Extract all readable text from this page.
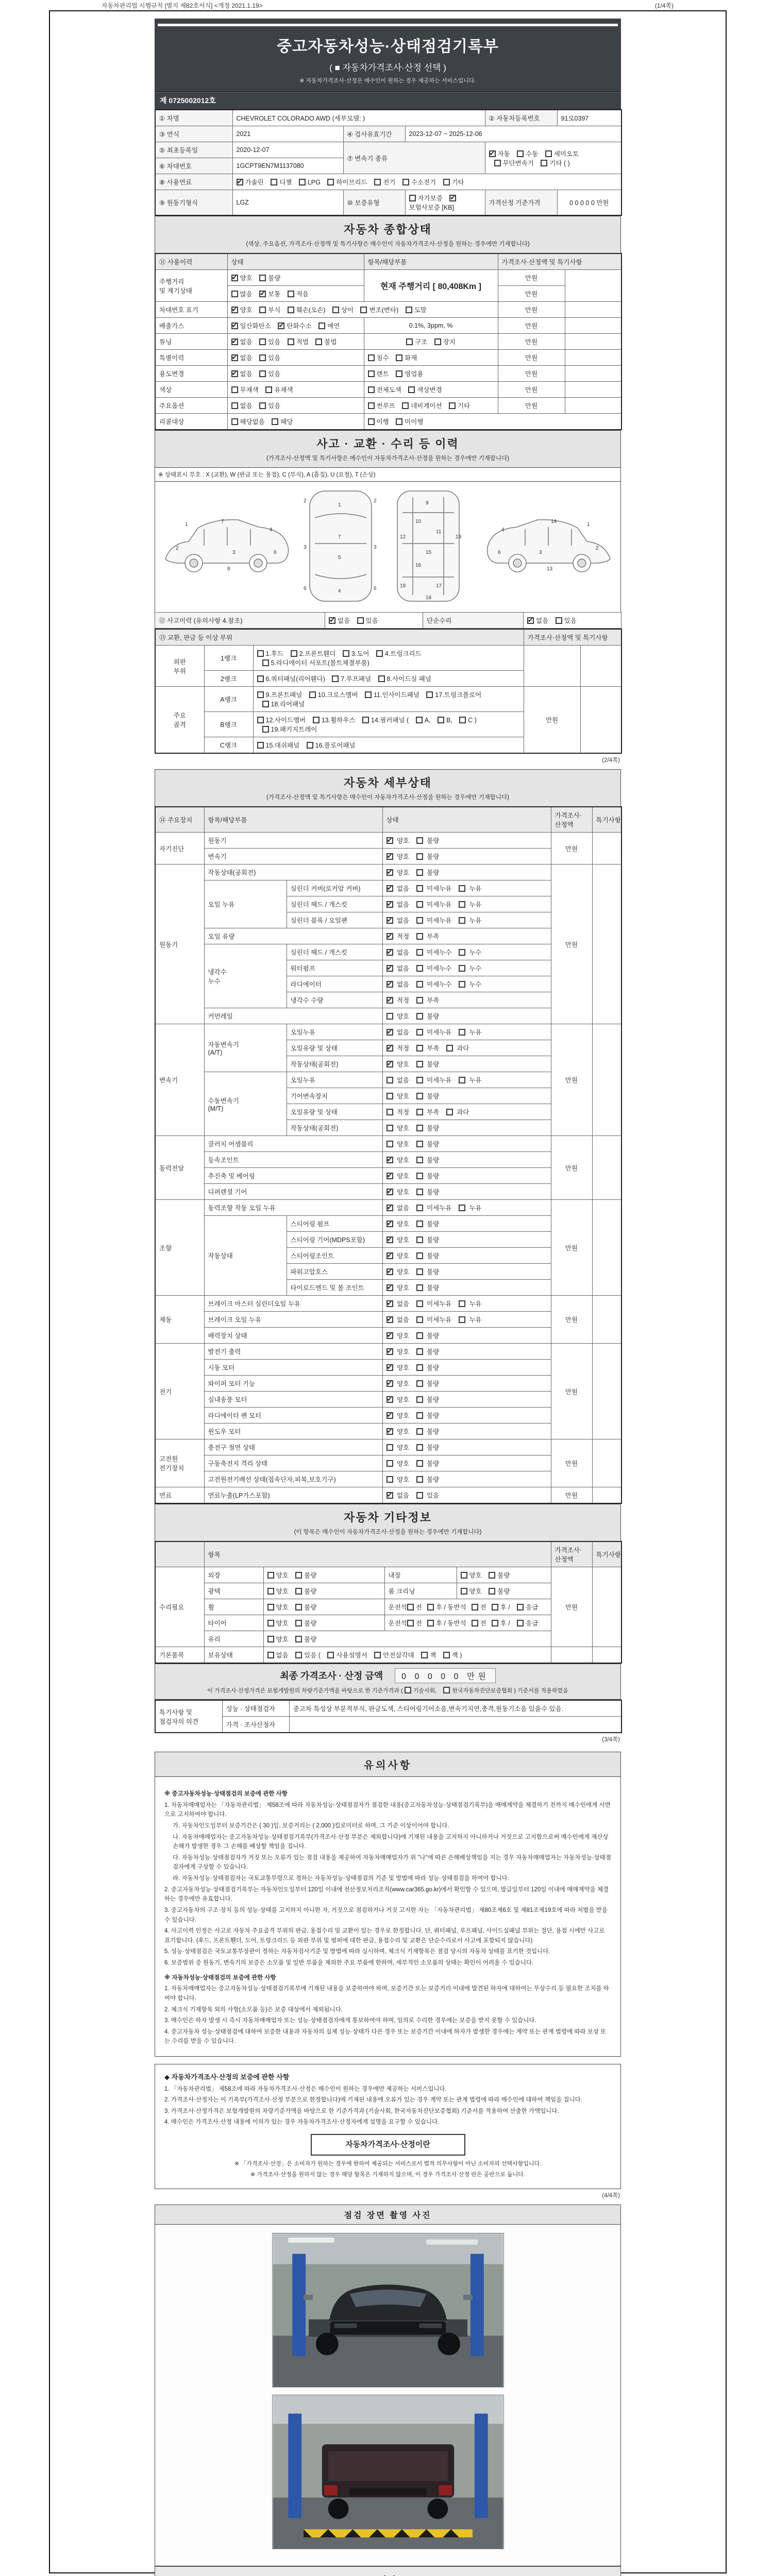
자동차관리법 시행규칙 [별지 제82호서식] <개정 2021.1.19>	(1/4쪽)
중고자동차성능·상태점검기록부
( ■ 자동차가격조사·산정 선택 )
※ 자동차가격조사·산정은 매수인이 원하는 경우 제공하는 서비스입니다.
제 0725002012호
① 차명	CHEVROLET COLORADO AWD (세부모델: )			② 자동차등록번호	91모0397
③ 연식	2021	④ 검사유효기간	2023-12-07 ~ 2025-12-06		
⑤ 최초등록일	2020-12-07	⑦ 변속기 종류	✔자동 수동 세미오토
무단변속기 기타 ( )
⑥ 차대번호	1GCPT9EN7M1137080				
⑧ 사용연료	✔가솔린 디젤 LPG 하이브리드 전기 수소전기 기타
⑨ 원동기형식	LGZ	⑩ 보증유형	자가보증 ✔보험사보증 [KB]	가격산정 기준가격	0 0 0 0 0 만원
자동차 종합상태
(색상, 주요옵션, 가격조사·산정액 및 특기사항은 매수인이 자동차가격조사·산정을 원하는 경우에만 기재합니다)
⑪ 사용이력	상태	항목/해당부품	가격조사·산정액 및 특기사항	
주행거리
및 계기상태	✔양호 불량	현재 주행거리 [ 80,408Km ]	만원	
	많음 ✔보통 적음		만원	
차대번호 표기	✔양호 부식 훼손(오손) 상이 변조(변타) 도말		만원	
배출가스	✔일산화탄소 ✔탄화수소 매연	0.1%, 3ppm, %	만원	
튜닝	✔없음 있음 적법 불법	구조 장치	만원	
특별이력	✔없음 있음	침수 화재	만원	
용도변경	✔없음 있음	렌트 영업용	만원	
색상	무채색 유채색	전체도색 색상변경	만원	
주요옵션	없음 있음	썬루프 네비게이션 기타	만원	
리콜대상	해당없음 해당	이행 미이행		
사고 · 교환 · 수리 등 이력
(가격조사·산정액 및 특기사항은 매수인이 자동차가격조사·산정을 원하는 경우에만 기재합니다)
※ 상태표시 부호 : X (교환), W (판금 또는 용접), C (부식), A (흠집), U (요철), T (손상)
1
7
4
2
3	6
8
1
7
4
2	2
3	3
6	6
5
9
10
11
12	13
15
16
17
18
19
1
14
4
2
3
6
13
⑫ 사고이력 (유의사항 4.참조)	✔없음 있음	단순수리	✔없음 있음
⑬ 교환, 판금 등 이상 부위			가격조사·산정액 및 특기사항	
외판
부위	1랭크	1.후드 2.프론트휀더 3.도어 4.트렁크리드
5.라디에이터 서포트(볼트체결부품)		
	2랭크	6.쿼터패널(리어휀다) 7.루프패널 8.사이드실 패널		
주요
골격	A랭크	9.프론트패널 10.크로스멤버 11.인사이드패널 17.트렁크플로어
18.리어패널	만원	
	B랭크	12.사이드멤버 13.휠하우스 14.필러패널 ( A, B, C )
19.패키지트레이		
	C랭크	15.대쉬패널 16.플로어패널		
(2/4쪽)
자동차 세부상태
(가격조사·산정액 및 특기사항은 매수인이 자동차가격조사·산정을 원하는 경우에만 기재합니다)
⑭ 주요장치	항목/해당부품		상태	가격조사·산정액	특기사항
자기진단	원동기	✔ 양호  불량	만원	
	변속기	✔ 양호  불량
원동기	작동상태(공회전)	✔ 양호  불량	만원	
	오일 누유	실린더 커버(로커암 커버)	✔ 없음  미세누유  누유
		실린더 헤드 / 개스킷	✔ 없음  미세누유  누유
		실린더 블록 / 오일팬	✔ 없음  미세누유  누유
	오일 유량	✔ 적정  부족
	냉각수
누수	실린더 헤드 / 개스킷	✔ 없음  미세누수  누수
		워터펌프	✔ 없음  미세누수  누수
		라디에이터	✔ 없음  미세누수  누수
		냉각수 수량	✔ 적정  부족
	커먼레일		양호  불량		
변속기	자동변속기
(A/T)	오일누유	✔ 없음  미세누유  누유	만원	
		오일유량 및 상태	✔ 적정  부족  과다
		작동상태(공회전)	✔ 양호  불량
	수동변속기
(M/T)	오일누유	없음  미세누유  누유		
		기어변속장치	양호  불량		
		오일유량 및 상태	적정  부족  과다		
		작동상태(공회전)	양호  불량		
동력전달	클러치 어셈블리		양호  불량	만원	
	등속조인트	✔ 양호  불량
	추진축 및 베어링	✔ 양호  불량
	디퍼렌셜 기어	✔ 양호  불량
조향	동력조향 작동 오일 누유	✔ 없음  미세누유  누유	만원	
	작동상태	스티어링 펌프	✔ 양호  불량
		스티어링 기어(MDPS포함)	✔ 양호  불량
		스티어링조인트	✔ 양호  불량
		파워고압호스	✔ 양호  불량
		타이로드엔드 및 볼 조인트	✔ 양호  불량
제동	브레이크 마스터 실린더오일 누유	✔ 없음  미세누유  누유	만원	
	브레이크 오일 누유	✔ 없음  미세누유  누유
	배력장치 상태	✔ 양호  불량
전기	발전기 출력	✔ 양호  불량	만원	
	시동 모터	✔ 양호  불량
	와이퍼 모터 기능	✔ 양호  불량
	실내송풍 모터	✔ 양호  불량
	라디에이터 팬 모터	✔ 양호  불량
	윈도우 모터	✔ 양호  불량
고전원
전기장치	충전구 절연 상태		양호  불량	만원	
	구동축전지 격리 상태		양호  불량		
	고전원전기배선 상태(접속단자,피복,보호기구)		양호  불량		
연료	연료누출(LP가스포함)	✔ 없음  있음	만원	
자동차 기타정보
(이 항목은 매수인이 자동차가격조사·산정을 원하는 경우에만 기재합니다)
	항목				가격조사·산정액	특기사항
수리필요	외장	양호 불량	내장	양호 불량	만원	
	광택	양호 불량	룸 크리닝	양호 불량		
	휠	양호 불량	운전석 전 후 / 동반석 전 후 / 응급			
	타이어	양호 불량	운전석 전 후 / 동반석 전 후 / 응급			
	유리	양호 불량				
기본품목	보유상태	없음 있음 ( 사용설명서 안전삼각대 잭 잭 )				
최종 가격조사 · 산정 금액 0 0 0 0 0 만원
이 가격조사·산정가격은 보험개발원의 차량기준가액을 바탕으로 한 기준가격과 ( 기술사회, 한국자동차진단보증협회 ) 기준서를 적용하였음
특기사항 및
점검자의 의견	성능 · 상태점검자	중고차 특성상 부분적부식, 판금도색, 스티어링기어소음,변속기지연,충격,원동기소음 있을수 있음.
	가격 · 조사산정자	
(3/4쪽)
유의사항

※ 중고자동차성능·상태점검의 보증에 관한 사항

1. 자동차매매업자는 「자동차관리법」 제58조에 따라 자동차성능·상태점검자가 점검한 내용(중고자동차성능·상태점검기록부)을 매매계약을 체결하기 전까지 매수인에게 서면으로 고지하여야 합니다.

가. 자동차인도일부터 보증기간은 ( 30 )일, 보증거리는 ( 2,000 )킬로미터로 하며, 그 기준 이상이어야 합니다.

나. 자동차매매업자는 중고자동차성능·상태점검기록부(가격조사·산정 부분은 제외합니다)에 기재된 내용을 고지하지 아니하거나 거짓으로 고지함으로써 매수인에게 재산상 손해가 발생한 경우 그 손해를 배상할 책임을 집니다.

다. 자동차성능·상태점검자가 거짓 또는 오류가 있는 점검 내용을 제공하여 자동차매매업자가 위 "나"에 따른 손해배상책임을 지는 경우 자동차매매업자는 자동차성능·상태점검자에게 구상할 수 있습니다.

라. 자동차성능·상태점검자는 국토교통부령으로 정하는 자동차성능·상태점검의 기준 및 방법에 따라 성능·상태점검을 하여야 합니다.

2. 중고자동차성능·상태점검기록부는 자동차인도일부터 120일 이내에 전산정보처리조직(www.car365.go.kr)에서 확인할 수 있으며, 발급일부터 120일 이내에 매매계약을 체결하는 경우에만 유효합니다.

3. 중고자동차의 구조·장치 등의 성능·상태를 고지하지 아니한 자, 거짓으로 점검하거나 거짓 고지한 자는 「자동차관리법」 제80조제6호 및 제81조제19호에 따라 처벌을 받을 수 있습니다.

4. 사고이력 인정은 사고로 자동차 주요골격 부위의 판금, 용접수리 및 교환이 있는 경우로 한정합니다. 단, 쿼터패널, 루프패널, 사이드실패널 부위는 절단, 용접 시에만 사고로 표기합니다. (후드, 프론트휀더, 도어, 트렁크리드 등 외판 부위 및 범퍼에 대한 판금, 용접수리 및 교환은 단순수리로서 사고에 포함되지 않습니다)

5. 성능·상태점검은 국토교통부장관이 정하는 자동차검사기준 및 방법에 따라 실시하며, 체크식 기재항목은 점검 당시의 자동차 상태를 표기한 것입니다.

6. 보증범위 중 원동기, 변속기의 보증은 소모품 및 일반 부품을 제외한 주요 부품에 한하며, 세부적인 소모품의 상태는 확인이 어려울 수 있습니다.

※ 자동차성능·상태점검의 보증에 관한 사항

1. 자동차매매업자는 중고자동차성능·상태점검기록부에 기재된 내용을 보증하여야 하며, 보증기간 또는 보증거리 이내에 발견된 하자에 대하여는 무상수리 등 필요한 조치를 하여야 합니다.

2. 체크식 기재항목 외의 사항(소모품 등)은 보증 대상에서 제외됩니다.

3. 매수인은 하자 발생 시 즉시 자동차매매업자 또는 성능·상태점검자에게 통보하여야 하며, 임의로 수리한 경우에는 보증을 받지 못할 수 있습니다.

4. 중고자동차 성능·상태점검에 대하여 보증한 내용과 자동차의 실제 성능·상태가 다른 경우 또는 보증기간 이내에 하자가 발생한 경우에는 계약 또는 관계 법령에 따라 보상 또는 수리를 받을 수 있습니다.

◆ 자동차가격조사·산정의 보증에 관한 사항

1. 「자동차관리법」 제58조에 따라 자동차가격조사·산정은 매수인이 원하는 경우에만 제공하는 서비스입니다.

2. 가격조사·산정자는 이 기록부(가격조사·산정 부분으로 한정합니다)에 기재된 내용에 오류가 있는 경우 계약 또는 관계 법령에 따라 매수인에 대하여 책임을 집니다.

3. 가격조사·산정가격은 보험개발원의 차량기준가액을 바탕으로 한 기준가격과 (기술사회, 한국자동차진단보증협회) 기준서를 적용하여 산출한 가액입니다.

4. 매수인은 가격조사·산정 내용에 이의가 있는 경우 자동차가격조사·산정자에게 설명을 요구할 수 있습니다.

자동차가격조사·산정이란

※ 「가격조사·산정」은 소비자가 원하는 경우에 한하여 제공되는 서비스로서 법적 의무사항이 아닌 소비자의 선택사항입니다.

※ 가격조사·산정을 원하지 않는 경우 해당 항목은 기재하지 않으며, 이 경우 가격조사·산정 란은 공란으로 둡니다.

(4/4쪽)
점검 장면 촬영 사진
